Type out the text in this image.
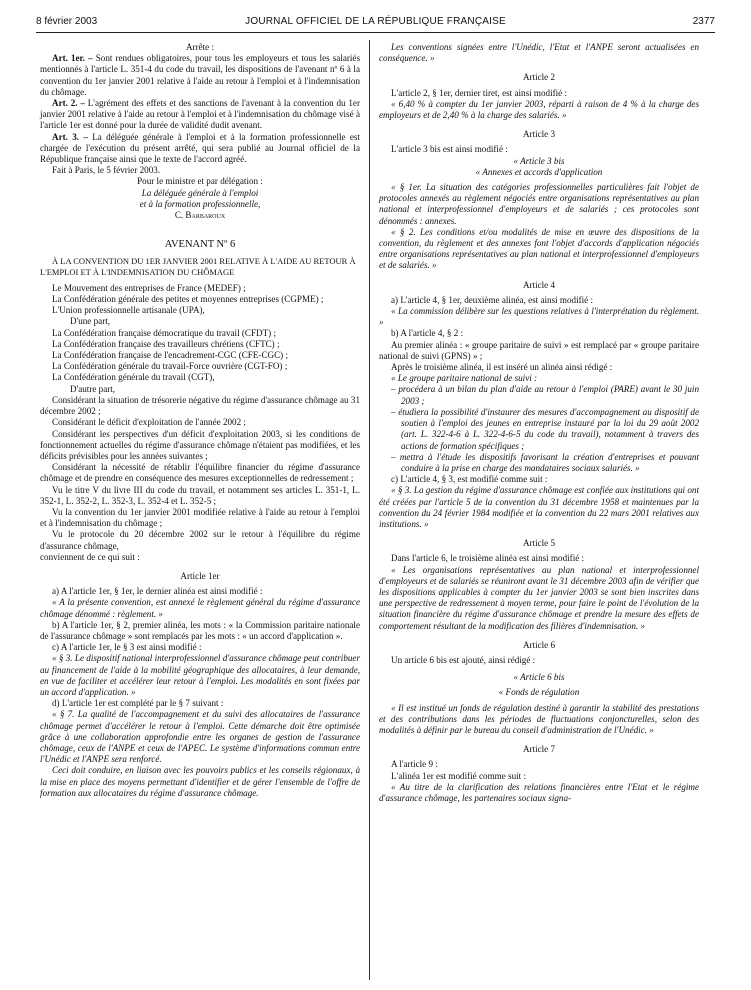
8 février 2003	JOURNAL OFFICIEL DE LA RÉPUBLIQUE FRANÇAISE	2377

Arrête :

Art. 1er. – Sont rendues obligatoires, pour tous les employeurs et tous les salariés mentionnés à l'article L. 351-4 du code du travail, les dispositions de l'avenant nº 6 à la convention du 1er janvier 2001 relative à l'aide au retour à l'emploi et à l'indemnisation du chômage.

Art. 2. – L'agrément des effets et des sanctions de l'avenant à la convention du 1er janvier 2001 relative à l'aide au retour à l'emploi et à l'indemnisation du chômage visé à l'article 1er est donné pour la durée de validité dudit avenant.

Art. 3. – La déléguée générale à l'emploi et à la formation professionnelle est chargée de l'exécution du présent arrêté, qui sera publié au Journal officiel de la République française ainsi que le texte de l'accord agréé.

Fait à Paris, le 5 février 2003.

Pour le ministre et par délégation :

La déléguée générale à l'emploi

et à la formation professionnelle,

C. Barbaroux

AVENANT Nº 6

À LA CONVENTION DU 1ER JANVIER 2001 RELATIVE À L'AIDE AU RETOUR À L'EMPLOI ET À L'INDEMNISATION DU CHÔMAGE

Le Mouvement des entreprises de France (MEDEF) ;

La Confédération générale des petites et moyennes entreprises (CGPME) ;

L'Union professionnelle artisanale (UPA),

D'une part,

La Confédération française démocratique du travail (CFDT) ;

La Confédération française des travailleurs chrétiens (CFTC) ;

La Confédération française de l'encadrement-CGC (CFE-CGC) ;

La Confédération générale du travail-Force ouvrière (CGT-FO) ;

La Confédération générale du travail (CGT),

D'autre part,

Considérant la situation de trésorerie négative du régime d'assurance chômage au 31 décembre 2002 ;

Considérant le déficit d'exploitation de l'année 2002 ;

Considérant les perspectives d'un déficit d'exploitation 2003, si les conditions de fonctionnement actuelles du régime d'assurance chômage n'étaient pas modifiées, et les déficits prévisibles pour les années suivantes ;

Considérant la nécessité de rétablir l'équilibre financier du régime d'assurance chômage et de prendre en conséquence des mesures exceptionnelles de redressement ;

Vu le titre V du livre III du code du travail, et notamment ses articles L. 351-1, L. 352-1, L. 352-2, L. 352-3, L. 352-4 et L. 352-5 ;

Vu la convention du 1er janvier 2001 modifiée relative à l'aide au retour à l'emploi et à l'indemnisation du chômage ;

Vu le protocole du 20 décembre 2002 sur le retour à l'équilibre du régime d'assurance chômage,

conviennent de ce qui suit :

Article 1er

a) A l'article 1er, § 1er, le dernier alinéa est ainsi modifié :

« A la présente convention, est annexé le règlement général du régime d'assurance chômage dénommé : règlement. »

b) A l'article 1er, § 2, premier alinéa, les mots : « la Commission paritaire nationale de l'assurance chômage » sont remplacés par les mots : « un accord d'application ».

c) A l'article 1er, le § 3 est ainsi modifié :

« § 3. Le dispositif national interprofessionnel d'assurance chômage peut contribuer au financement de l'aide à la mobilité géographique des allocataires, à leur demande, en vue de faciliter et accélérer leur retour à l'emploi. Les modalités en sont fixées par un accord d'application. »

d) L'article 1er est complété par le § 7 suivant :

« § 7. La qualité de l'accompagnement et du suivi des allocataires de l'assurance chômage permet d'accélérer le retour à l'emploi. Cette démarche doit être optimisée grâce à une collaboration approfondie entre les organes de gestion de l'assurance chômage, ceux de l'ANPE et ceux de l'APEC. Le système d'informations commun entre l'Unédic et l'ANPE sera renforcé.

Ceci doit conduire, en liaison avec les pouvoirs publics et les conseils régionaux, à la mise en place des moyens permettant d'identifier et de gérer l'ensemble de l'offre de formation aux allocataires du régime d'assurance chômage.

Les conventions signées entre l'Unédic, l'Etat et l'ANPE seront actualisées en conséquence. »

Article 2

L'article 2, § 1er, dernier tiret, est ainsi modifié :

« 6,40 % à compter du 1er janvier 2003, réparti à raison de 4 % à la charge des employeurs et de 2,40 % à la charge des salariés. »

Article 3

L'article 3 bis est ainsi modifié :

« Article 3 bis

« Annexes et accords d'application

« § 1er. La situation des catégories professionnelles particulières fait l'objet de protocoles annexés au règlement négociés entre organisations représentatives au plan national et interprofessionnel d'employeurs et de salariés ; ces protocoles sont dénommés : annexes.

« § 2. Les conditions et/ou modalités de mise en œuvre des dispositions de la convention, du règlement et des annexes font l'objet d'accords d'application négociés entre organisations représentatives au plan national et interprofessionnel d'employeurs et de salariés. »

Article 4

a) L'article 4, § 1er, deuxième alinéa, est ainsi modifié :

« La commission délibère sur les questions relatives à l'interprétation du règlement. »

b) A l'article 4, § 2 :

Au premier alinéa : « groupe paritaire de suivi » est remplacé par « groupe paritaire national de suivi (GPNS) » ;

Après le troisième alinéa, il est inséré un alinéa ainsi rédigé :

« Le groupe paritaire national de suivi :

– procédera à un bilan du plan d'aide au retour à l'emploi (PARE) avant le 30 juin 2003 ;

– étudiera la possibilité d'instaurer des mesures d'accompagnement au dispositif de soutien à l'emploi des jeunes en entreprise instauré par la loi du 29 août 2002 (art. L. 322-4-6 à L. 322-4-6-5 du code du travail), notamment à travers des actions de formation spécifiques ;

– mettra à l'étude les dispositifs favorisant la création d'entreprises et pouvant conduire à la prise en charge des mandataires sociaux salariés. »

c) L'article 4, § 3, est modifié comme suit :

« § 3. La gestion du régime d'assurance chômage est confiée aux institutions qui ont été créées par l'article 5 de la convention du 31 décembre 1958 et maintenues par la convention du 24 février 1984 modifiée et la convention du 22 mars 2001 relatives aux institutions. »

Article 5

Dans l'article 6, le troisième alinéa est ainsi modifié :

« Les organisations représentatives au plan national et interprofessionnel d'employeurs et de salariés se réuniront avant le 31 décembre 2003 afin de vérifier que les dispositions applicables à compter du 1er janvier 2003 se sont bien inscrites dans une perspective de redressement à moyen terme, pour faire le point de l'évolution de la situation financière du régime d'assurance chômage et prendre la mesure des effets de comportement résultant de la modification des filières d'indemnisation. »

Article 6

Un article 6 bis est ajouté, ainsi rédigé :

« Article 6 bis

« Fonds de régulation

« Il est institué un fonds de régulation destiné à garantir la stabilité des prestations et des contributions dans les périodes de fluctuations conjoncturelles, selon des modalités à définir par le bureau du conseil d'administration de l'Unédic. »

Article 7

A l'article 9 :

L'alinéa 1er est modifié comme suit :

« Au titre de la clarification des relations financières entre l'Etat et le régime d'assurance chômage, les partenaires sociaux signa-
